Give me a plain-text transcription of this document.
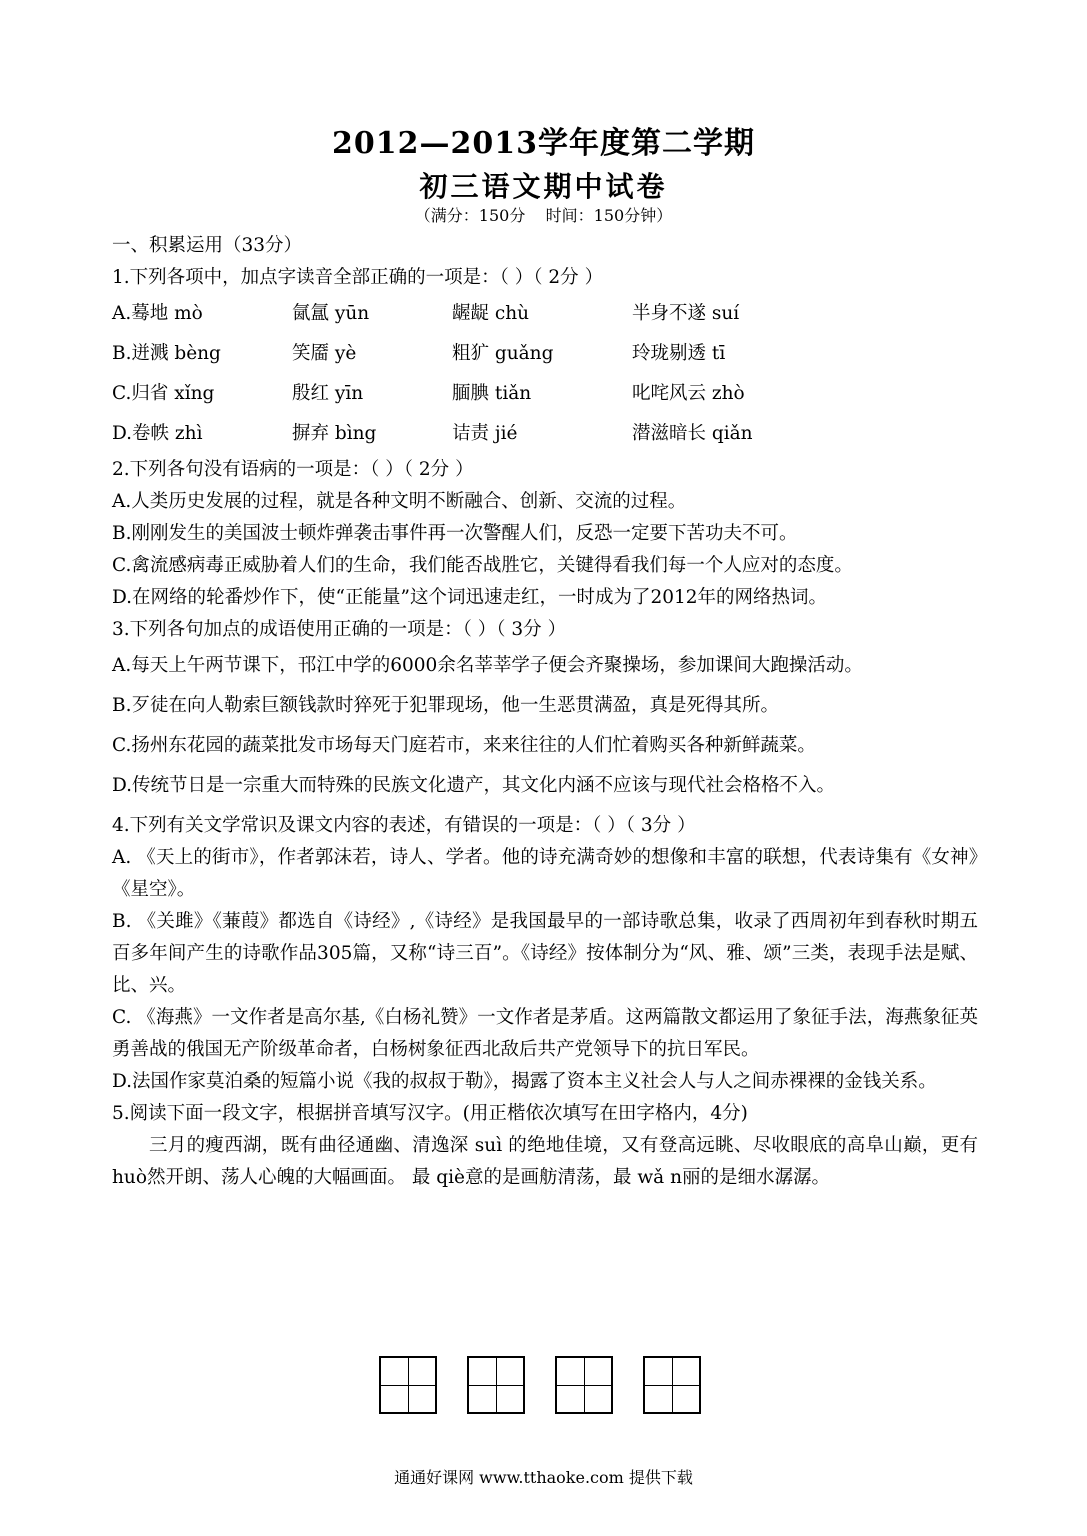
2012—2013学年度第二学期
初三语文期中试卷
（满分：150分    时间：150分钟）
一、积累运用（33分）
1.下列各项中，加点字读音全部正确的一项是：（ ）（ 2分 ）
A.蓦地 mò	氤氲 yūn	龌龊 chù	半身不遂 suí
B.迸溅 bèng	笑靥 yè	粗犷 guǎng	玲珑剔透 tī
C.归省 xǐng	殷红 yīn	腼腆 tiǎn	叱咤风云 zhò
D.卷帙 zhì	摒弃 bìng	诘责 jié	潜滋暗长 qiǎn
2.下列各句没有语病的一项是：（ ）（ 2分 ）
A.人类历史发展的过程，就是各种文明不断融合、创新、交流的过程。
B.刚刚发生的美国波士顿炸弹袭击事件再一次警醒人们，反恐一定要下苦功夫不可。
C.禽流感病毒正威胁着人们的生命，我们能否战胜它，关键得看我们每一个人应对的态度。
D.在网络的轮番炒作下，使“正能量”这个词迅速走红，一时成为了2012年的网络热词。
3.下列各句加点的成语使用正确的一项是：（ ）（ 3分 ）
A.每天上午两节课下，邗江中学的6000余名莘莘学子便会齐聚操场，参加课间大跑操活动。
B.歹徒在向人勒索巨额钱款时猝死于犯罪现场，他一生恶贯满盈，真是死得其所。
C.扬州东花园的蔬菜批发市场每天门庭若市，来来往往的人们忙着购买各种新鲜蔬菜。
D.传统节日是一宗重大而特殊的民族文化遗产，其文化内涵不应该与现代社会格格不入。
4.下列有关文学常识及课文内容的表述，有错误的一项是：（ ）（ 3分 ）
A. 《天上的街市》，作者郭沫若，诗人、学者。他的诗充满奇妙的想像和丰富的联想，代表诗集有《女神》《星空》。
B. 《关雎》《蒹葭》都选自《诗经》,《诗经》是我国最早的一部诗歌总集，收录了西周初年到春秋时期五百多年间产生的诗歌作品305篇，又称“诗三百”。《诗经》按体制分为“风、雅、颂”三类，表现手法是赋、比、兴。
C. 《海燕》一文作者是高尔基,《白杨礼赞》一文作者是茅盾。这两篇散文都运用了象征手法，海燕象征英勇善战的俄国无产阶级革命者，白杨树象征西北敌后共产党领导下的抗日军民。
D.法国作家莫泊桑的短篇小说《我的叔叔于勒》，揭露了资本主义社会人与人之间赤裸裸的金钱关系。
5.阅读下面一段文字，根据拼音填写汉字。(用正楷依次填写在田字格内，4分)
三月的瘦西湖，既有曲径通幽、清逸深 suì 的绝地佳境，又有登高远眺、尽收眼底的高阜山巅，更有 huò然开朗、荡人心魄的大幅画面。 最 qiè意的是画舫清荡，最 wǎ n丽的是细水潺潺。
通通好课网 www.tthaoke.com 提供下载
